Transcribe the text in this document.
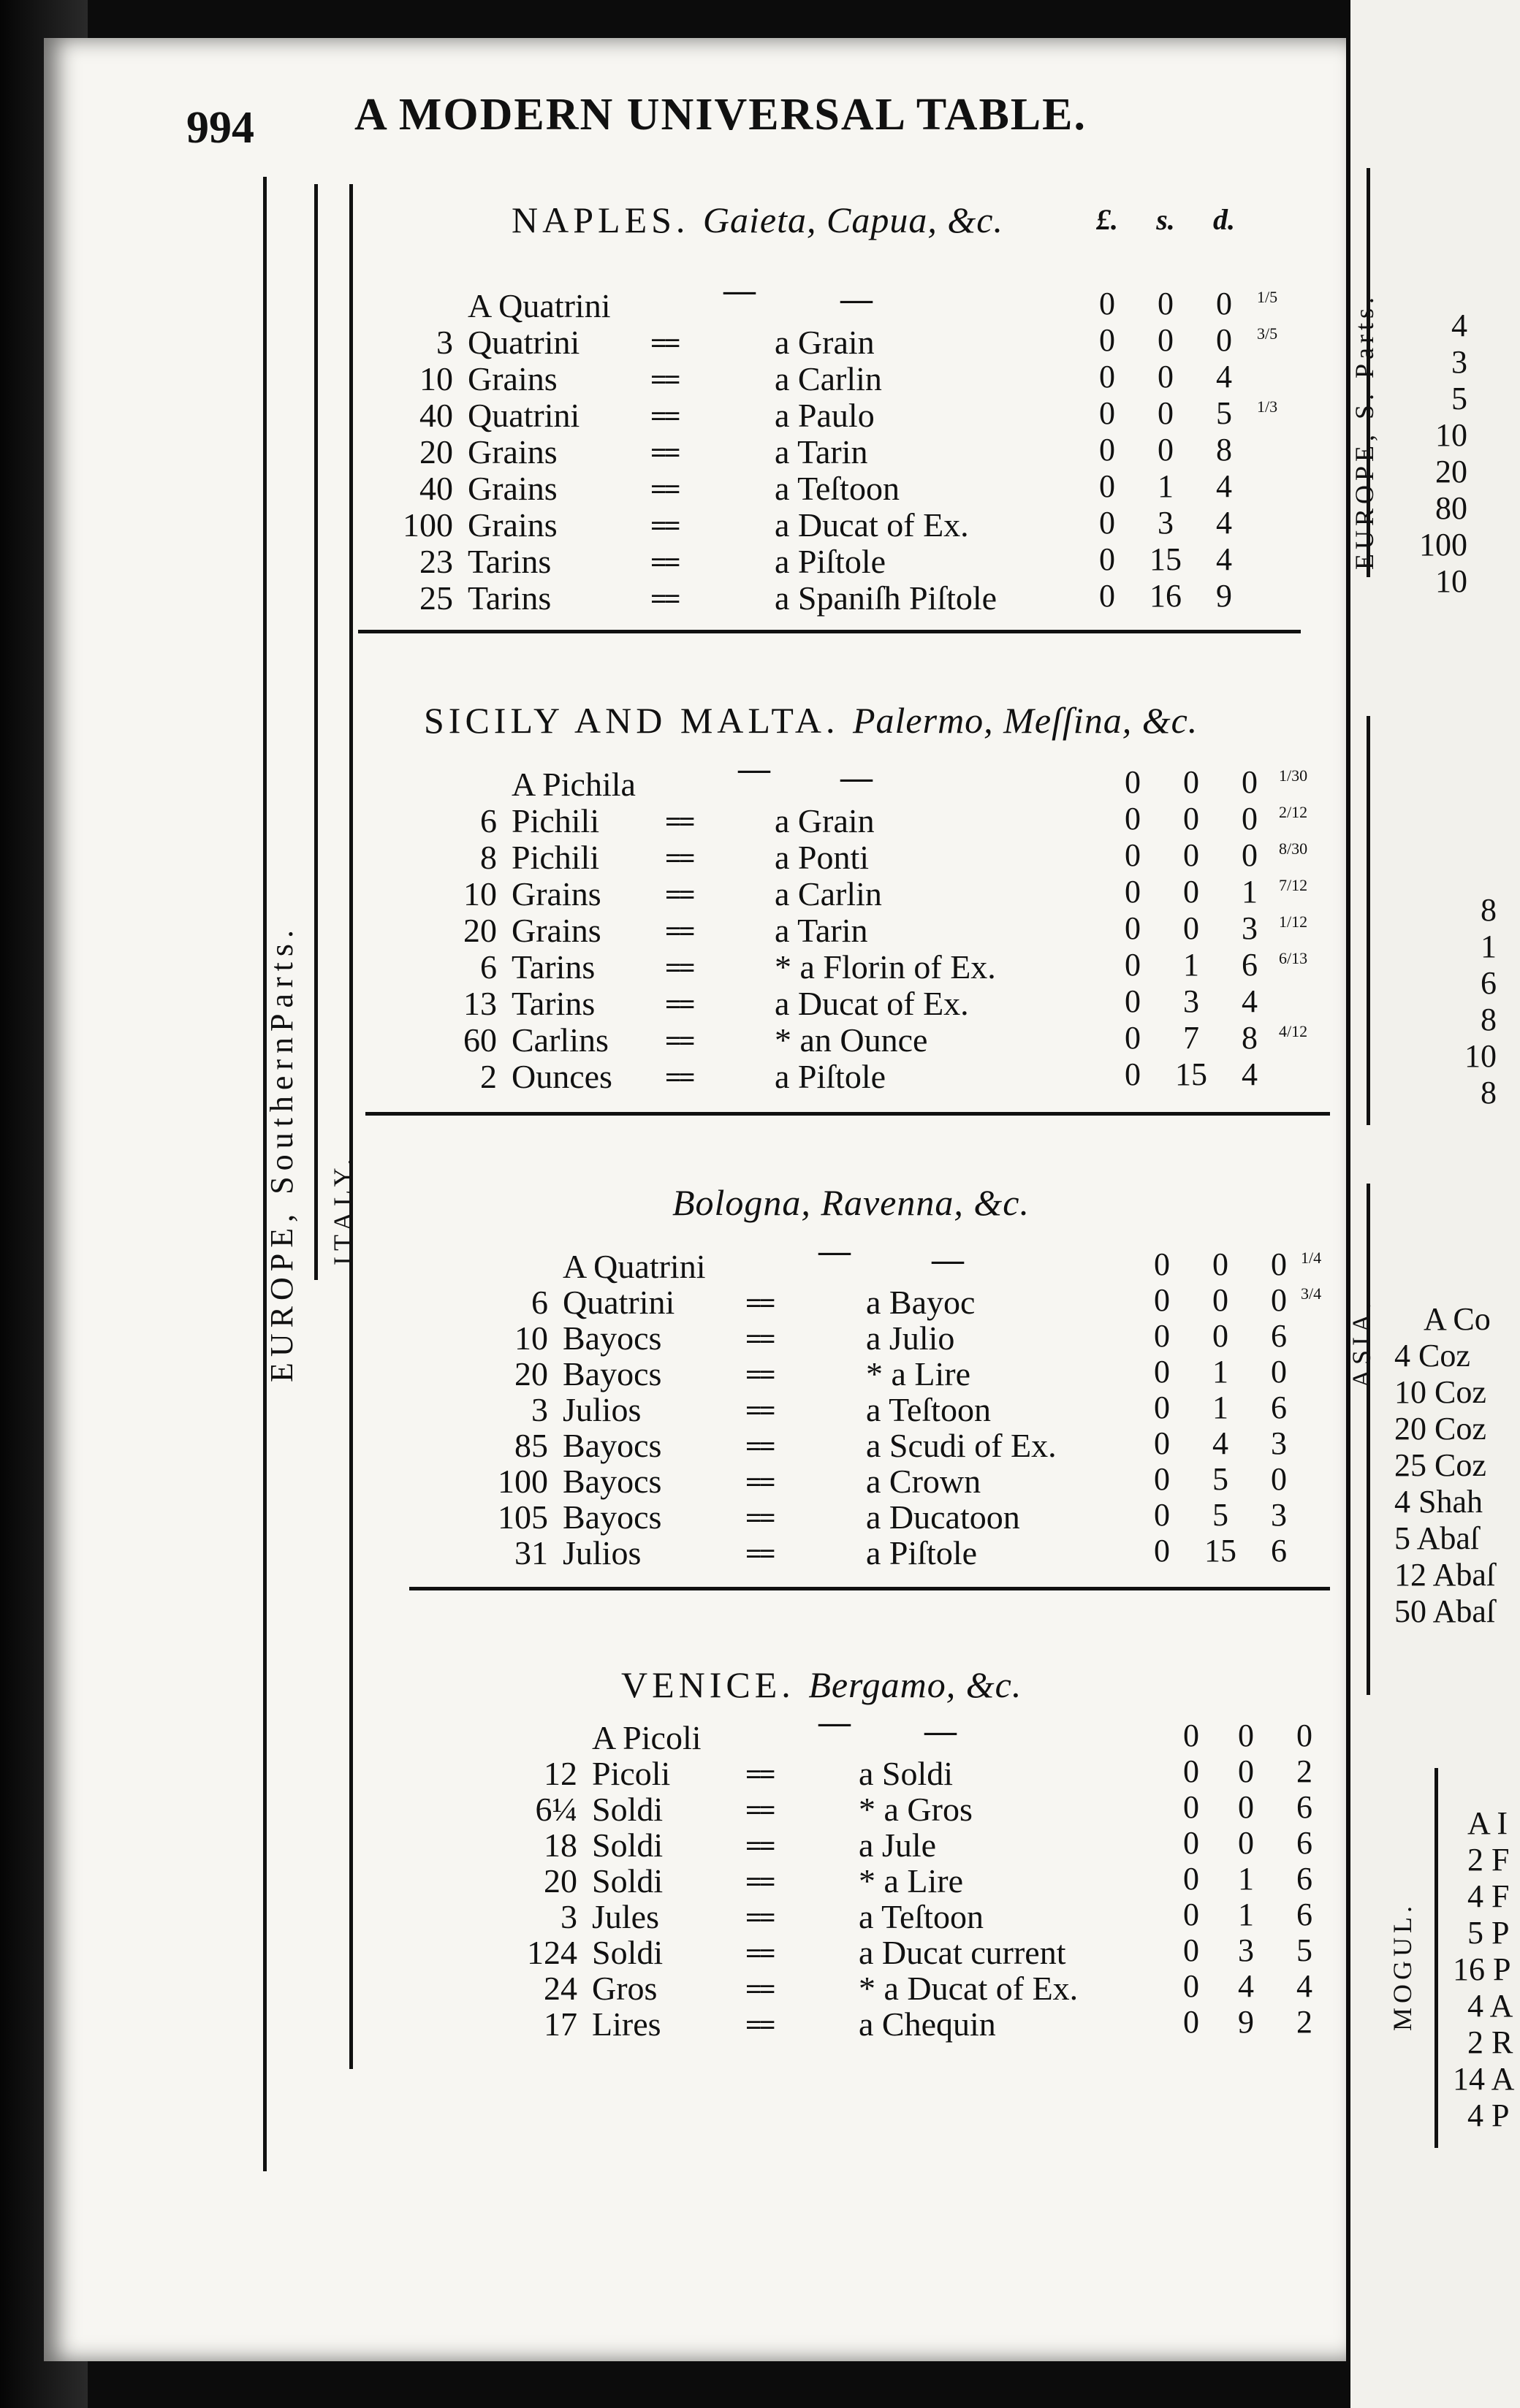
994 A MODERN UNIVERSAL TABLE.
EUROPE, SouthernParts. ITALY.
£.	s.	d.
NAPLES. Gaieta, Capua, &c.
A Quatrini	—	—	0	0	0	1/5
3 Quatrini ==	a Grain	0	0	0	3/5
10 Grains	==	a Carlin	0	0	4
40 Quatrini ==	a Paulo	0	0	5	1/3
20 Grains	==	a Tarin	0	0	8
40 Grains	==	a Teſtoon	0	1	4
100 Grains	==	a Ducat of Ex.	0	3	4
23 Tarins	==	a Piſtole	0	15	4
25 Tarins	==	a Spaniſh Piſtole	0	16	9
SICILY AND MALTA. Palermo, Meſſina, &c.
A Pichila	— —	0	0	0	1/30
6 Pichili == a Grain	0	0	0	2/12
8 Pichili == a Ponti	0	0	0	8/30
10 Grains == a Carlin	0	0	1	7/12
20 Grains == a Tarin	0	0	3	1/12
6 Tarins == * a Florin of Ex.	0	1	6	6/13
13 Tarins == a Ducat of Ex.	0	3	4
60 Carlins == * an Ounce	0	7	8	4/12
2 Ounces == a Piſtole	0	15	4
Bologna, Ravenna, &c.
A Quatrini	—	—	0	0	0 1/4
6 Quatrini ==	a Bayoc	0	0	0 3/4
10 Bayocs	==	a Julio	0	0	6
20 Bayocs	==	* a Lire	0	1	0
3 Julios	==	a Teſtoon	0	1	6
85 Bayocs	==	a Scudi of Ex.	0	4	3
100 Bayocs	==	a Crown	0	5	0
105 Bayocs	==	a Ducatoon	0	5	3
31 Julios	==	a Piſtole	0	15	6
VENICE. Bergamo, &c.
A Picoli	— —	0	0	0
12 Picoli	==	a Soldi	0	0	2
6¼ Soldi	==	* a Gros	0	0	6
18 Soldi	==	a Jule	0	0	6
20 Soldi	==	* a Lire	0	1	6
3 Jules	==	a Teſtoon	0	1	6
124 Soldi	==	a Ducat current	0	3	5
24 Gros	==	* a Ducat of Ex.	0	4	4
17 Lires	==	a Chequin	0	9	2
EUROPE, S. Parts.
ASIA.
MOGUL.
4
3
5
10
20
80
100
10
8
1
6
8
10
8
A Co
4 Coz
10 Coz
20 Coz
25 Coz
4 Shah
5 Abaſ
12 Abaſ
50 Abaſ
A I
2 F
4 F
5 P
16 P
4 A
2 R
14 A
4 P
